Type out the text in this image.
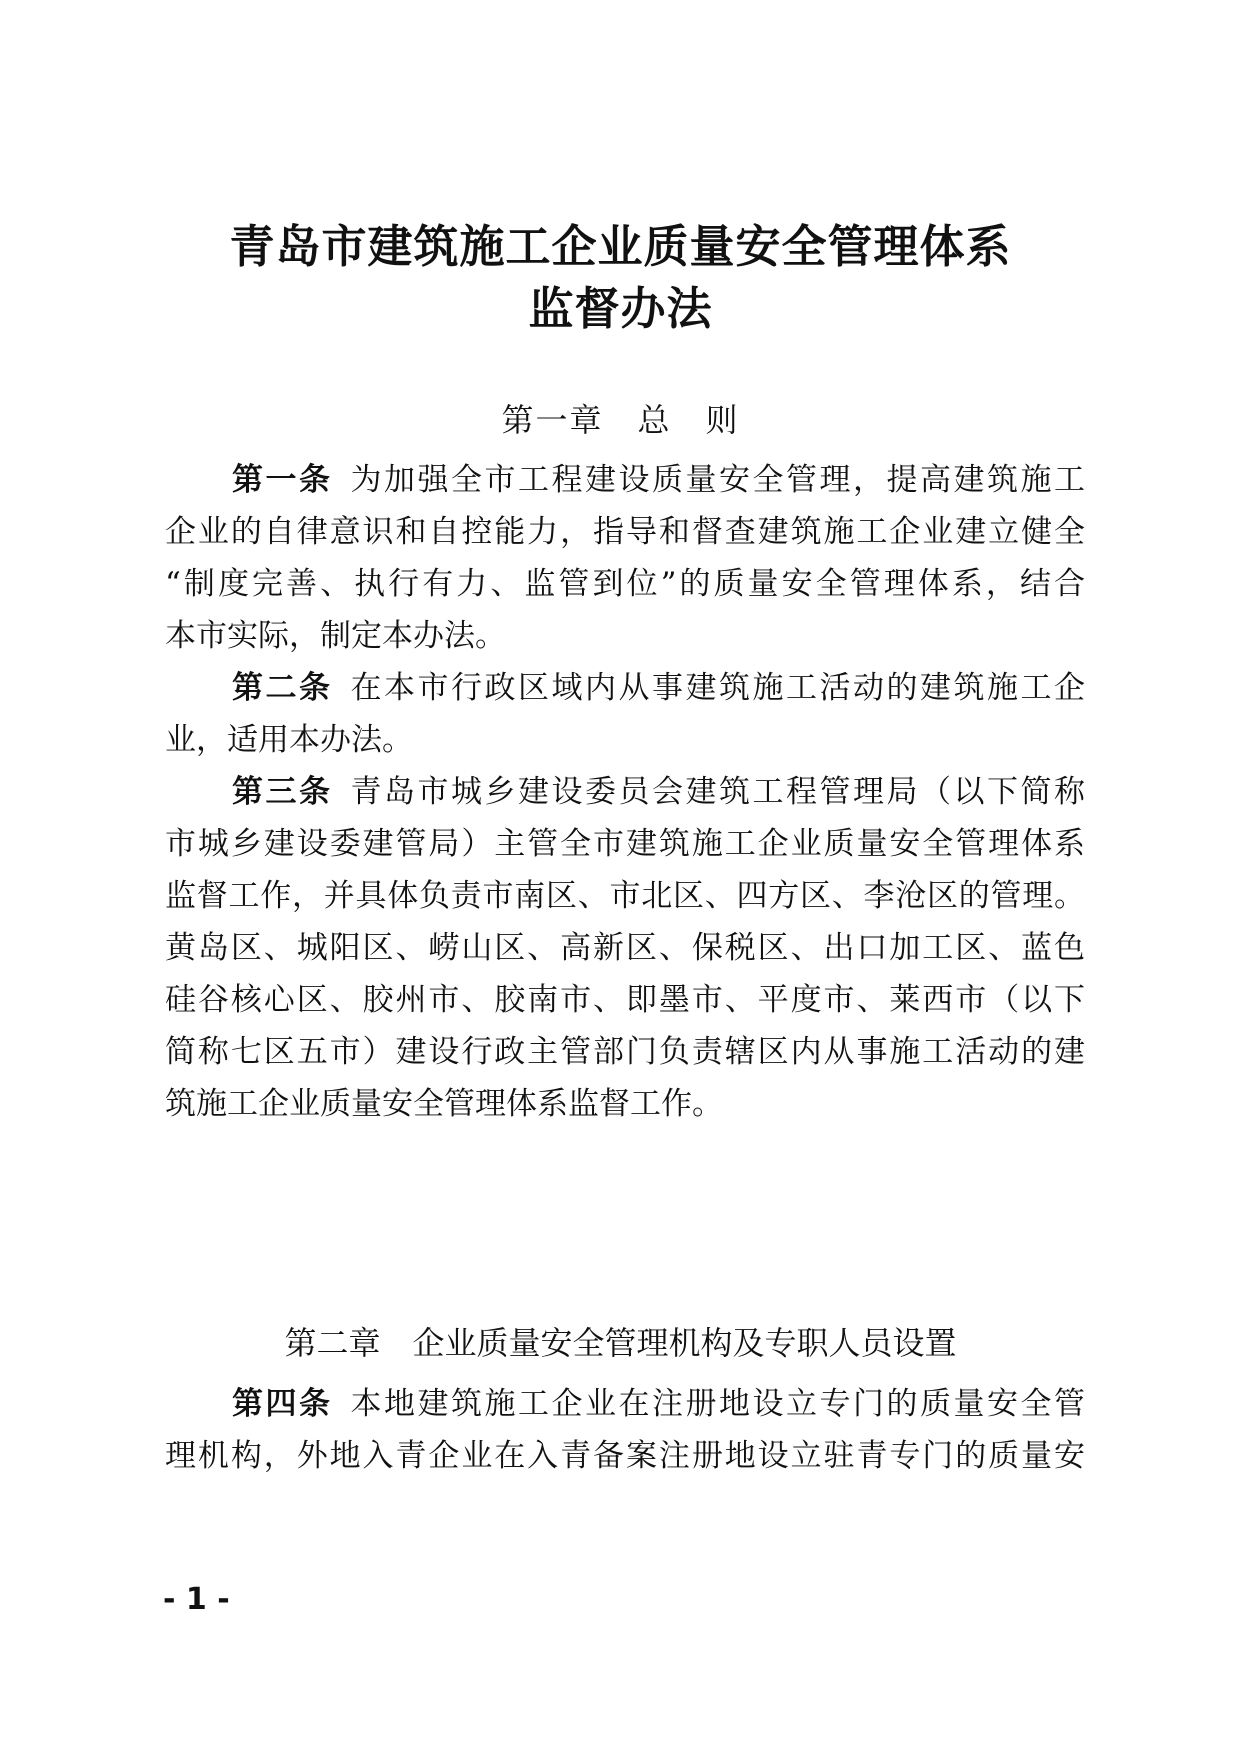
青岛市建筑施工企业质量安全管理体系
监督办法
第一章　总　则
第一条 为加强全市工程建设质量安全管理，提高建筑施工
企业的自律意识和自控能力，指导和督查建筑施工企业建立健全
“制度完善、执行有力、监管到位”的质量安全管理体系，结合
本市实际，制定本办法。
第二条 在本市行政区域内从事建筑施工活动的建筑施工企
业，适用本办法。
第三条 青岛市城乡建设委员会建筑工程管理局（以下简称
市城乡建设委建管局）主管全市建筑施工企业质量安全管理体系
监督工作，并具体负责市南区、市北区、四方区、李沧区的管理。
黄岛区、城阳区、崂山区、高新区、保税区、出口加工区、蓝色
硅谷核心区、胶州市、胶南市、即墨市、平度市、莱西市（以下
简称七区五市）建设行政主管部门负责辖区内从事施工活动的建
筑施工企业质量安全管理体系监督工作。
第二章　企业质量安全管理机构及专职人员设置
第四条 本地建筑施工企业在注册地设立专门的质量安全管
理机构，外地入青企业在入青备案注册地设立驻青专门的质量安
- 1 -
